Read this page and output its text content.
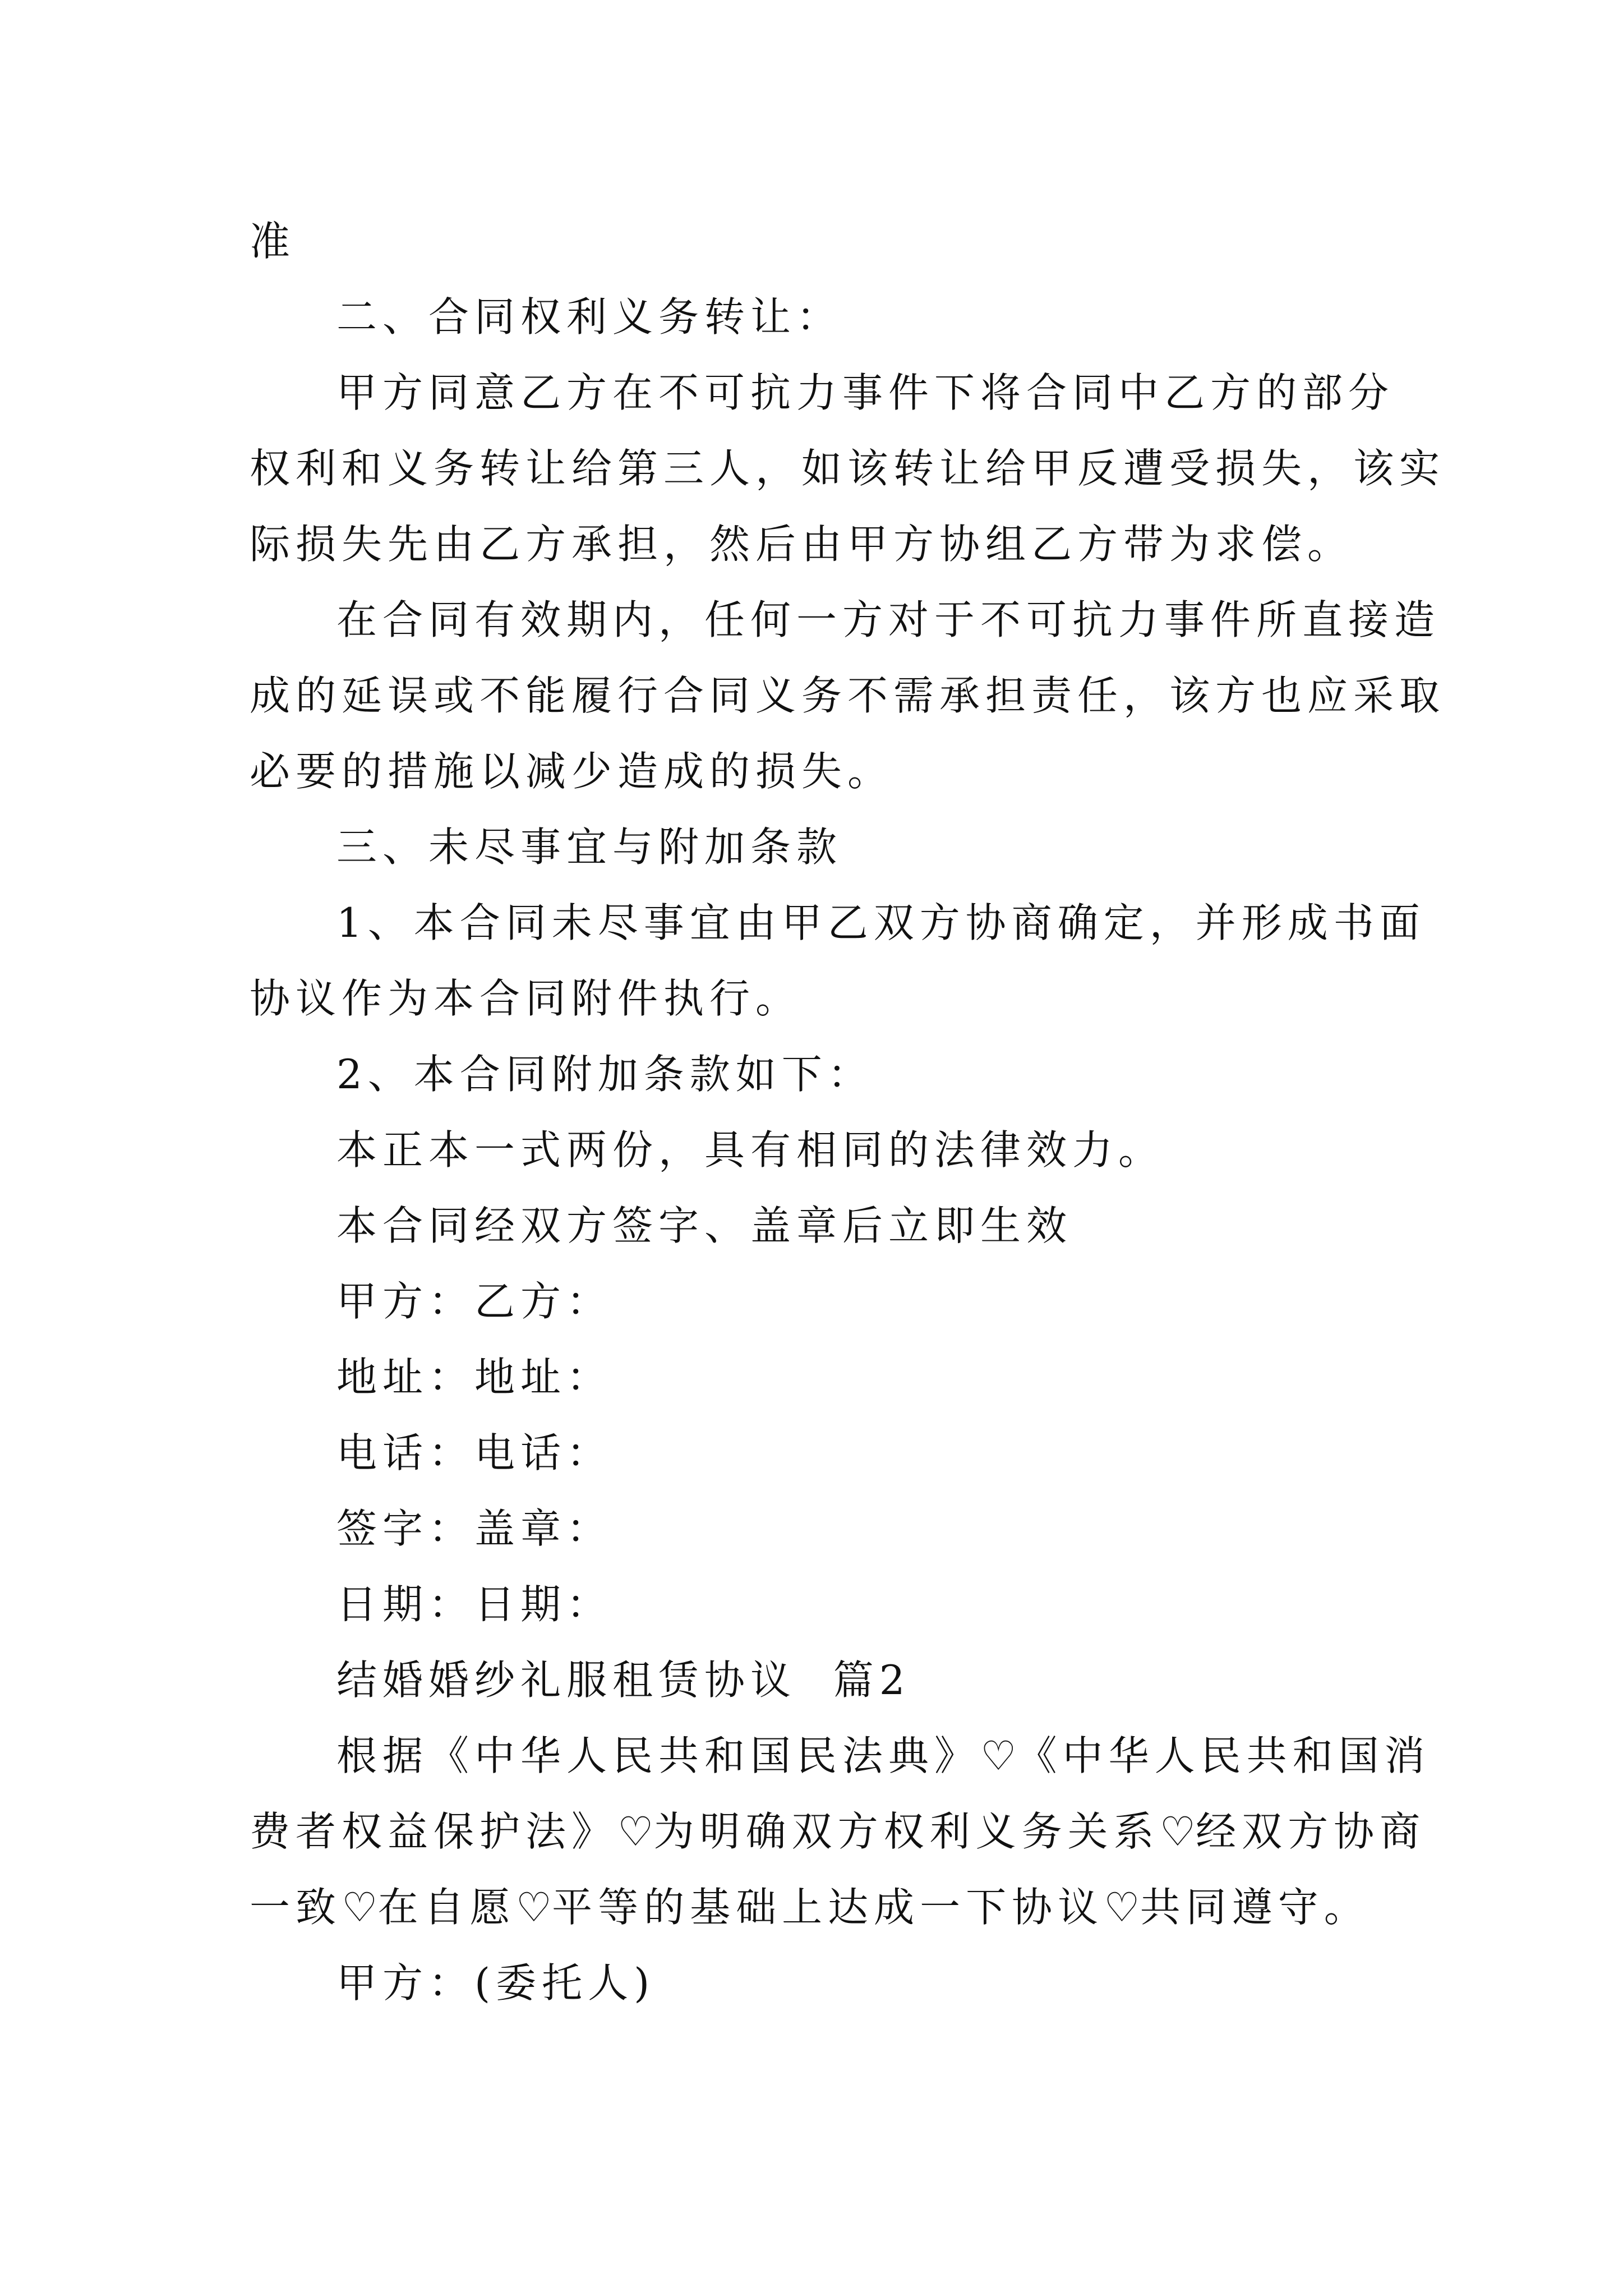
准
二、合同权利义务转让：
甲方同意乙方在不可抗力事件下将合同中乙方的部分
权利和义务转让给第三人，如该转让给甲反遭受损失，该实
际损失先由乙方承担，然后由甲方协组乙方带为求偿。
在合同有效期内，任何一方对于不可抗力事件所直接造
成的延误或不能履行合同义务不需承担责任，该方也应采取
必要的措施以减少造成的损失。
三、未尽事宜与附加条款
1、本合同未尽事宜由甲乙双方协商确定，并形成书面
协议作为本合同附件执行。
2、本合同附加条款如下：
本正本一式两份，具有相同的法律效力。
本合同经双方签字、盖章后立即生效
甲方：乙方：
地址：地址：
电话：电话：
签字：盖章：
日期：日期：
结婚婚纱礼服租赁协议  篇2
根据《中华人民共和国民法典》♡《中华人民共和国消
费者权益保护法》♡为明确双方权利义务关系♡经双方协商
一致♡在自愿♡平等的基础上达成一下协议♡共同遵守。
甲方：(委托人)
